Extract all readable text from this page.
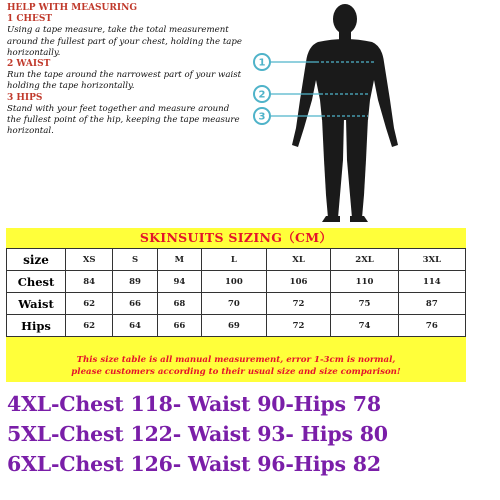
HELP WITH MEASURING
1 CHEST

Using a tape measure, take the total measurement around the fullest part of your chest, holding the tape horizontally.

2 WAIST

Run the tape around the narrowest part of your waist holding the tape horizontally.

3 HIPS

Stand with your feet together and measure around the fullest point of the hip, keeping the tape measure horizontal.

1
2
3
SKINSUITS SIZING（CM）
size	XS	S	M	L	XL	2XL	3XL
Chest	84	89	94	100	106	110	114
Waist	62	66	68	70	72	75	87
Hips	62	64	66	69	72	74	76
This size table is all manual measurement, error 1-3cm is normal,
please customers according to their usual size and size comparison!
4XL-Chest 118- Waist 90-Hips 78
5XL-Chest 122- Waist 93- Hips 80
6XL-Chest 126- Waist 96-Hips 82
